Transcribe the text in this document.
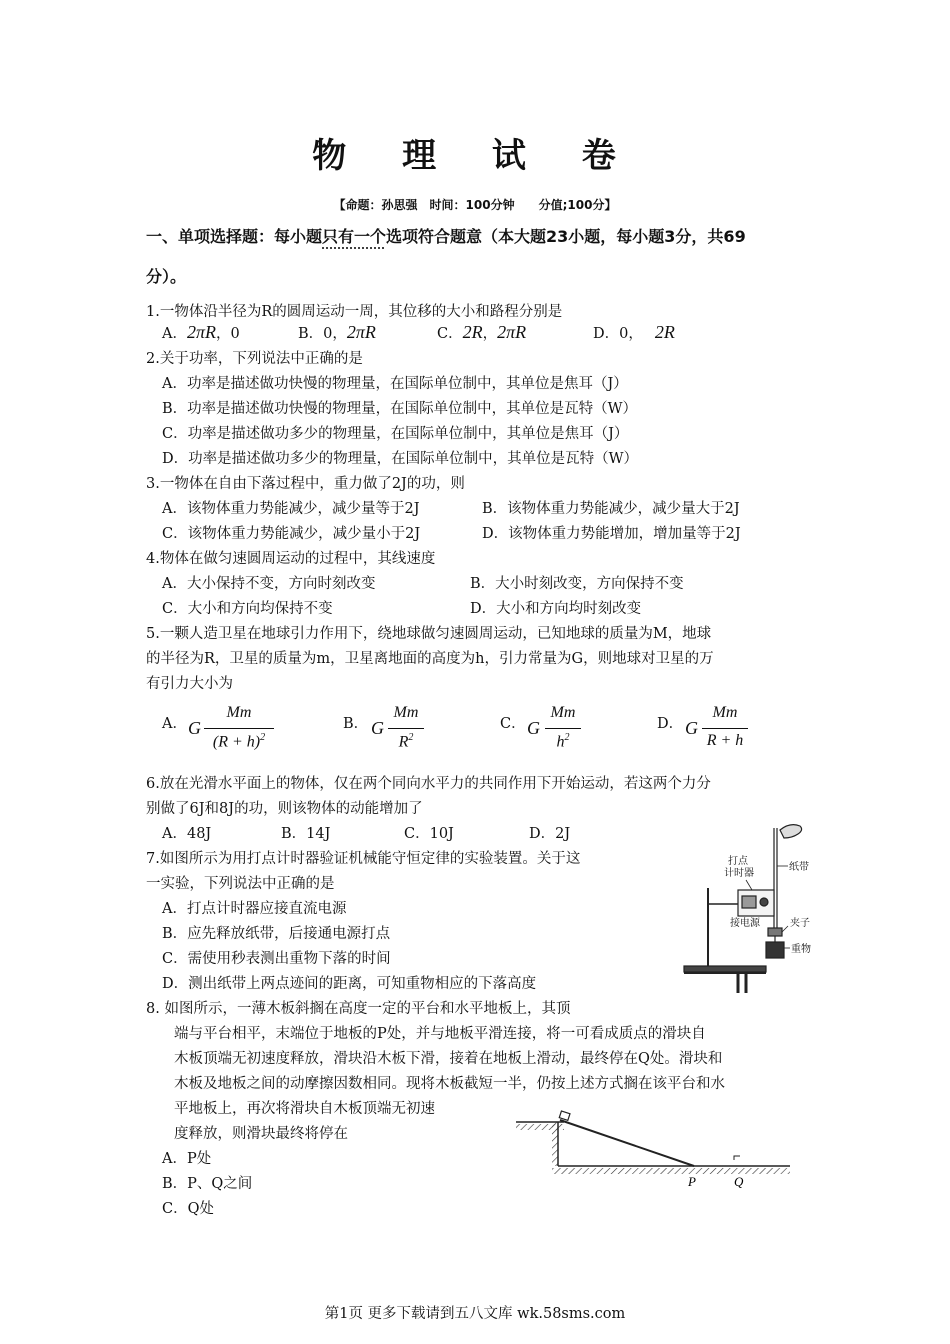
物 理 试 卷
【命题：孙思强　时间：100分钟　　分值;100分】
一、单项选择题：每小题只有一个选项符合题意（本大题23小题，每小题3分，共69
分）。
1.一物体沿半径为R的圆周运动一周，其位移的大小和路程分别是
A．2πR，0	B．0，2πR	C．2R，2πR	D．0， 2R
2.关于功率，下列说法中正确的是
A．功率是描述做功快慢的物理量，在国际单位制中，其单位是焦耳（J）
B．功率是描述做功快慢的物理量，在国际单位制中，其单位是瓦特（W）
C．功率是描述做功多少的物理量，在国际单位制中，其单位是焦耳（J）
D．功率是描述做功多少的物理量，在国际单位制中，其单位是瓦特（W）
3.一物体在自由下落过程中，重力做了2J的功，则
A．该物体重力势能减少，减少量等于2J	B．该物体重力势能减少，减少量大于2J
C．该物体重力势能减少，减少量小于2J	D．该物体重力势能增加，增加量等于2J
4.物体在做匀速圆周运动的过程中，其线速度
A．大小保持不变，方向时刻改变	B．大小时刻改变，方向保持不变
C．大小和方向均保持不变	D．大小和方向均时刻改变
5.一颗人造卫星在地球引力作用下，绕地球做匀速圆周运动，已知地球的质量为M，地球
的半径为R，卫星的质量为m，卫星离地面的高度为h，引力常量为G，则地球对卫星的万
有引力大小为
A． G
Mm
$(R + h)^2$
B． G
Mm
$R^2$
C． G
Mm
$h^2$
D． G
Mm
R + h
6.放在光滑水平面上的物体，仅在两个同向水平力的共同作用下开始运动，若这两个力分
别做了6J和8J的功，则该物体的动能增加了
A．48J	B．14J	C．10J	D．2J
7.如图所示为用打点计时器验证机械能守恒定律的实验装置。关于这
一实验，下列说法中正确的是
A．打点计时器应接直流电源
B．应先释放纸带，后接通电源打点
C．需使用秒表测出重物下落的时间
D．测出纸带上两点迹间的距离，可知重物相应的下落高度
打点
计时器
纸带
接电源	夹子
重物
8. 如图所示，一薄木板斜搁在高度一定的平台和水平地板上，其顶
端与平台相平，末端位于地板的P处，并与地板平滑连接，将一可看成质点的滑块自
木板顶端无初速度释放，滑块沿木板下滑，接着在地板上滑动，最终停在Q处。滑块和
木板及地板之间的动摩擦因数相同。现将木板截短一半，仍按上述方式搁在该平台和水
平地板上，再次将滑块自木板顶端无初速
度释放，则滑块最终将停在
A．P处
B．P、Q之间
C．Q处
P	Q
第1页 更多下载请到五八文库 wk.58sms.com
